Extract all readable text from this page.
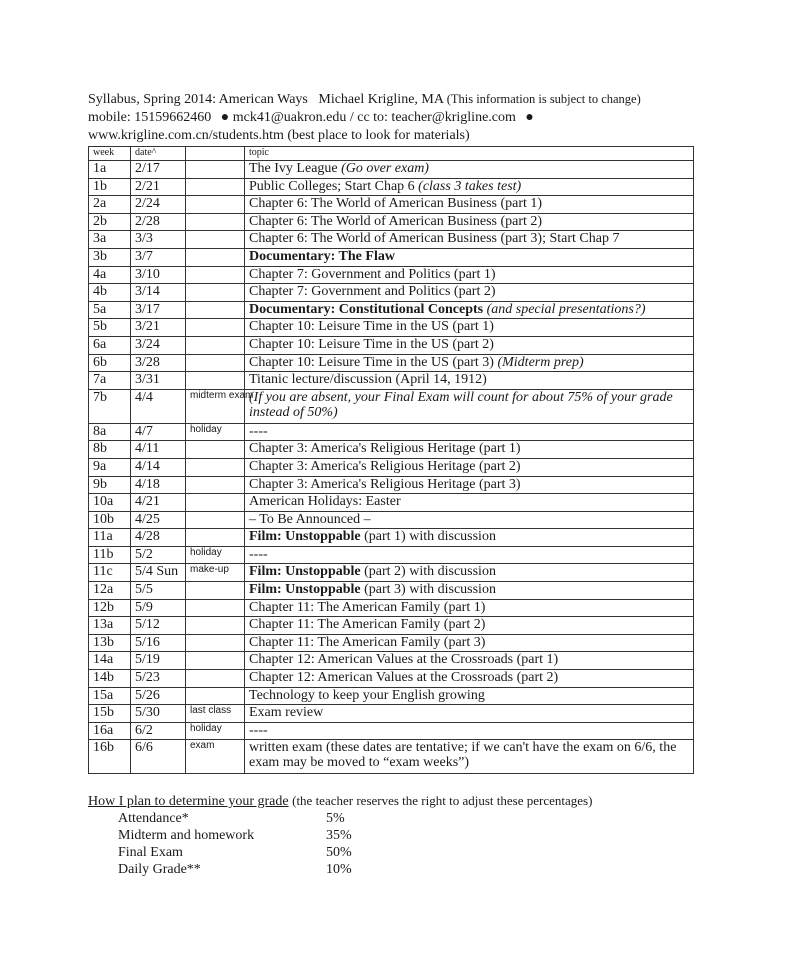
Syllabus, Spring 2014: American Ways   Michael Krigline, MA (This information is subject to change)
mobile: 15159662460 ● mck41@uakron.edu / cc to: teacher@krigline.com ●
www.krigline.com.cn/students.htm (best place to look for materials)
week	date^		topic
1a	2/17		The Ivy League (Go over exam)
1b	2/21		Public Colleges; Start Chap 6 (class 3 takes test)
2a	2/24		Chapter 6: The World of American Business (part 1)
2b	2/28		Chapter 6: The World of American Business (part 2)
3a	3/3		Chapter 6: The World of American Business (part 3); Start Chap 7
3b	3/7		Documentary: The Flaw
4a	3/10		Chapter 7: Government and Politics (part 1)
4b	3/14		Chapter 7: Government and Politics (part 2)
5a	3/17		Documentary: Constitutional Concepts (and special presentations?)
5b	3/21		Chapter 10: Leisure Time in the US (part 1)
6a	3/24		Chapter 10: Leisure Time in the US (part 2)
6b	3/28		Chapter 10: Leisure Time in the US (part 3) (Midterm prep)
7a	3/31		Titanic lecture/discussion (April 14, 1912)
7b	4/4	midterm exam	(If you are absent, your Final Exam will count for about 75% of your grade instead of 50%)
8a	4/7	holiday	----
8b	4/11		Chapter 3: America's Religious Heritage (part 1)
9a	4/14		Chapter 3: America's Religious Heritage (part 2)
9b	4/18		Chapter 3: America's Religious Heritage (part 3)
10a	4/21		American Holidays: Easter
10b	4/25		– To Be Announced –
11a	4/28		Film: Unstoppable (part 1) with discussion
11b	5/2	holiday	----
11c	5/4 Sun	make-up	Film: Unstoppable (part 2) with discussion
12a	5/5		Film: Unstoppable (part 3) with discussion
12b	5/9		Chapter 11: The American Family (part 1)
13a	5/12		Chapter 11: The American Family (part 2)
13b	5/16		Chapter 11: The American Family (part 3)
14a	5/19		Chapter 12: American Values at the Crossroads (part 1)
14b	5/23		Chapter 12: American Values at the Crossroads (part 2)
15a	5/26		Technology to keep your English growing
15b	5/30	last class	Exam review
16a	6/2	holiday	----
16b	6/6	exam	written exam (these dates are tentative; if we can't have the exam on 6/6, the exam may be moved to “exam weeks”)
How I plan to determine your grade (the teacher reserves the right to adjust these percentages)
Attendance*	5%
Midterm and homework	35%
Final Exam	50%
Daily Grade**	10%
